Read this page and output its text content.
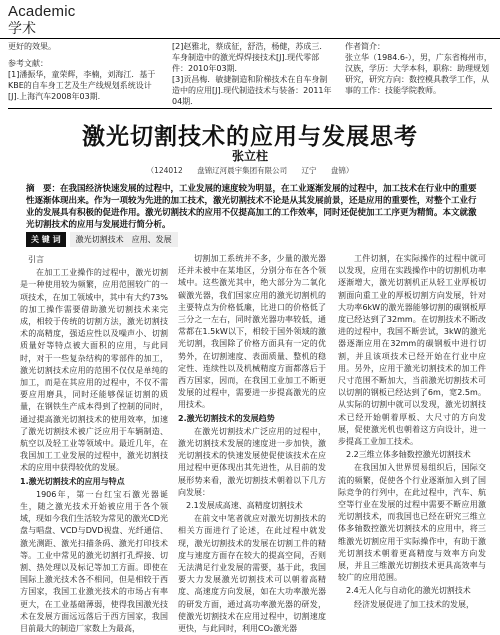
Academic
学术
更好的效果。
参考文献：
[1]潘振华，童荣辉，李楠，刘海江．基于KBE的自车身工艺及生产线规划系统设计[J].上海汽车2008年03期.
[2]赵雅北，蔡成征，舒浩，杨健，苏成三．车身制造中的激光焊焊接技术[J].现代零部件：2010年03期．
[3]贡昌梅．敏捷制造和阶梯技术在自车身制造中的应用[J].现代制造技术与装备：2011年04期．
作者简介：
张立华（1984.6-），男，广东省梅州市，汉族，学历：大学本科，职称：助理规划研究，研究方向：数控模具教学工作，从事的工作：技能学院教师。
激光切割技术的应用与发展思考
张立柱
（124012 盘锦辽河晨宇集团有限公司 辽宁 盘锦）
摘　要：在我国经济快速发展的过程中，工业发展的速度较为明显，在工业逐渐发展的过程中，加工技术在行业中的重要性逐渐体现出来。作为一项较为先进的加工技术，激光切割技术不论是从其发展前景，还是应用的重要性，对整个工业行业的发展具有积极的促进作用。激光切割技术的应用不仅提高加工的工作效率，同时还促使加工工序更为精简。本文就激光切割技术的应用与发展进行简分析。
关 键 词	激光切割技术　应用、发展

　引言

在加工工业操作的过程中，激光切割是一种使用较为频繁，应用范围较广的一项技术，在加工领域中，其中有大约73%的加工操作需要借助激光切割技术来完成，相较于传统的切割方法，激光切割技术的高精度，强适应性以及噪声小、切割质量好等特点被大面积的应用，与此同时，对于一些复杂结构的零部件的加工，激光切割技术应用的范围不仅仅是单纯的加工，而是在其应用的过程中，不仅不需要应用磨具，同时还能够保证切割的质量，在钢铁生产成本得到了控制的同时，通过提高激光切割技术的使用效率，加速了激光切割技术被广泛应用于车辆制造、航空以及轻工业等领域中。最近几年，在我国加工工业发展的过程中，激光切割技术的应用中获得较优的发展。

1.激光切割技术的应用与特点

1906年，第一台红宝石激光器诞生，随之激光技术开始被应用于各个领域，现如今我们生活较为常见的激光CD光盘与唱盘、VCD与DVD视盘、光纤通信、激光测距、激光扫描条码、激光打印技术等。工业中常见的激光切割打孔焊接、切割、热处理以及标记等加工方面。即使在国际上激光技术各不相同，但是相较于西方国家，我国工业激光技术的市场占有率更大，在工业基础薄弱，使得我国激光技术在发展方面远远落后于西方国家，我国目前最大的制造厂家数上为最高，

切割加工系统并不多，少量的激光器还并未被中在某地区，分别分布在各个领域中。这些激光其中，绝大部分为二氧化碳激光器，我们国家应用的激光切割机的主要特点为价格低廉，比进口的价格低了三分之一左右，同时激光器功率较低，通常都在1.5kW以下，相较于国外领域的激光切割，我国除了价格方面具有一定的优势外，在切割速度、表面质量、整机的稳定性、连续性以及机械精度方面都落后于西方国家，因而，在我国工业加工不断更发展的过程中，需要进一步提高激光的应用技术。

2.激光切割技术的发展趋势

在激光切割技术广泛应用的过程中，激光切割技术发展的速度进一步加快，激光切割技术的快速发展使促使该技术在应用过程中更体现出其先进性，从目前的发展形势来看，激光切割技术朝着以下几方向发展：

　2.1发展成高速、高精度切割技术

在前文中笔者就应对激光切割技术的相关方面进行了论述，在此过程中就发现，激光切割技术的发展在切割工件的精度与速度方面存在较大的提高空间，否则无法满足行业发展的需要，基于此，我国要大力发展激光切割技术可以朝着高精度、高速度方向发展，如在大功率激光器的研发方面，通过高功率激光器的研发，使激光切割技术在应用过程中，切割速度更快，与此同时，利用CO₂激光器

工件切割，在实际操作的过程中就可以发现，应用在实践操作中的切割机功率逐渐增大，激光切割机正从轻工业厚板切割面向重工业的厚板切割方向发展，针对大功率6kW的激光器能够切割的碳钢板厚度已经达到了32mm。在切割技术不断改进的过程中，我国不断尝试，3kW的激光器逐渐应用在32mm的碳钢板中进行切割，并且该项技术已经开始在行业中应用。另外，应用于激光切割技术的加工件尺寸范围不断加大，当前激光切割技术可以切割的钢板已经达到了6m，宽2.5m。从实际的切割中就可以发现，激光切割技术已经开始朝着厚板、大尺寸的方向发展，促使激光机也朝着这方向设计，进一步提高工业加工技术。

　2.2三维立体多轴数控激光切割技术

在我国加入世界贸易组织后，国际交流的频繁，促使各个行业逐渐加入到了国际竞争的行列中，在此过程中，汽车、航空等行业在发展的过程中需要不断应用激光切割技术，而我国也已经在研究三维立体多轴数控激光切割技术的应用中，将三维激光切割应用于实际操作中，有助于激光切割技术朝着更高精度与效率方向发展，并且三维激光切割技术更具高效率与较广的应用范围。

　2.4无人化与自动化的激光切割技术

经济发展促进了加工技术的发展，
